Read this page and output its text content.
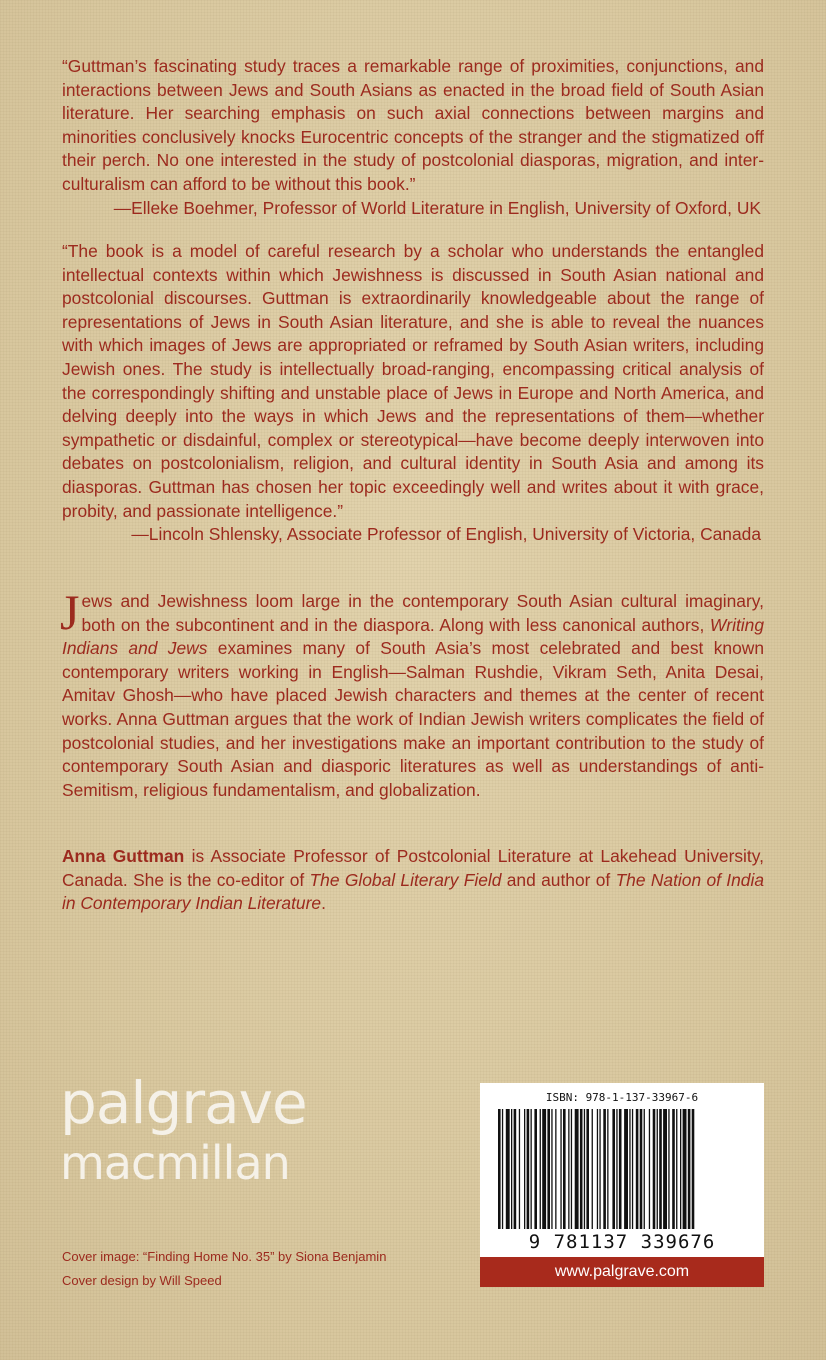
“Guttman’s fascinating study traces a remarkable range of proximities, conjunctions, and interactions between Jews and South Asians as enacted in the broad field of South Asian literature. Her searching emphasis on such axial connections between margins and minorities conclusively knocks Eurocentric concepts of the stranger and the stigmatized off their perch. No one interested in the study of postcolonial diasporas, migration, and inter-culturalism can afford to be without this book.”
—Elleke Boehmer, Professor of World Literature in English, University of Oxford, UK
“The book is a model of careful research by a scholar who understands the entangled intellectual contexts within which Jewishness is discussed in South Asian national and postcolonial discourses. Guttman is extraordinarily knowledgeable about the range of representations of Jews in South Asian literature, and she is able to reveal the nuances with which images of Jews are appropriated or reframed by South Asian writers, including Jewish ones. The study is intellectually broad-ranging, encompassing critical analysis of the correspondingly shifting and unstable place of Jews in Europe and North America, and delving deeply into the ways in which Jews and the representations of them—whether sympathetic or disdainful, complex or stereotypical—have become deeply interwoven into debates on postcolonialism, religion, and cultural identity in South Asia and among its diasporas. Guttman has chosen her topic exceedingly well and writes about it with grace, probity, and passionate intelligence.”
—Lincoln Shlensky, Associate Professor of English, University of Victoria, Canada
Jews and Jewishness loom large in the contemporary South Asian cultural imaginary, both on the subcontinent and in the diaspora. Along with less canonical authors, Writing Indians and Jews examines many of South Asia’s most celebrated and best known contemporary writers working in English—Salman Rushdie, Vikram Seth, Anita Desai, Amitav Ghosh—who have placed Jewish characters and themes at the center of recent works. Anna Guttman argues that the work of Indian Jewish writers complicates the field of postcolonial studies, and her investigations make an important contribution to the study of contemporary South Asian and diasporic literatures as well as understandings of anti-Semitism, religious fundamentalism, and globalization.
Anna Guttman is Associate Professor of Postcolonial Literature at Lakehead University, Canada. She is the co-editor of The Global Literary Field and author of The Nation of India in Contemporary Indian Literature.
palgrave
macmillan
Cover image: “Finding Home No. 35” by Siona Benjamin
Cover design by Will Speed
ISBN: 978-1-137-33967-6
9 781137 339676
www.palgrave.com
